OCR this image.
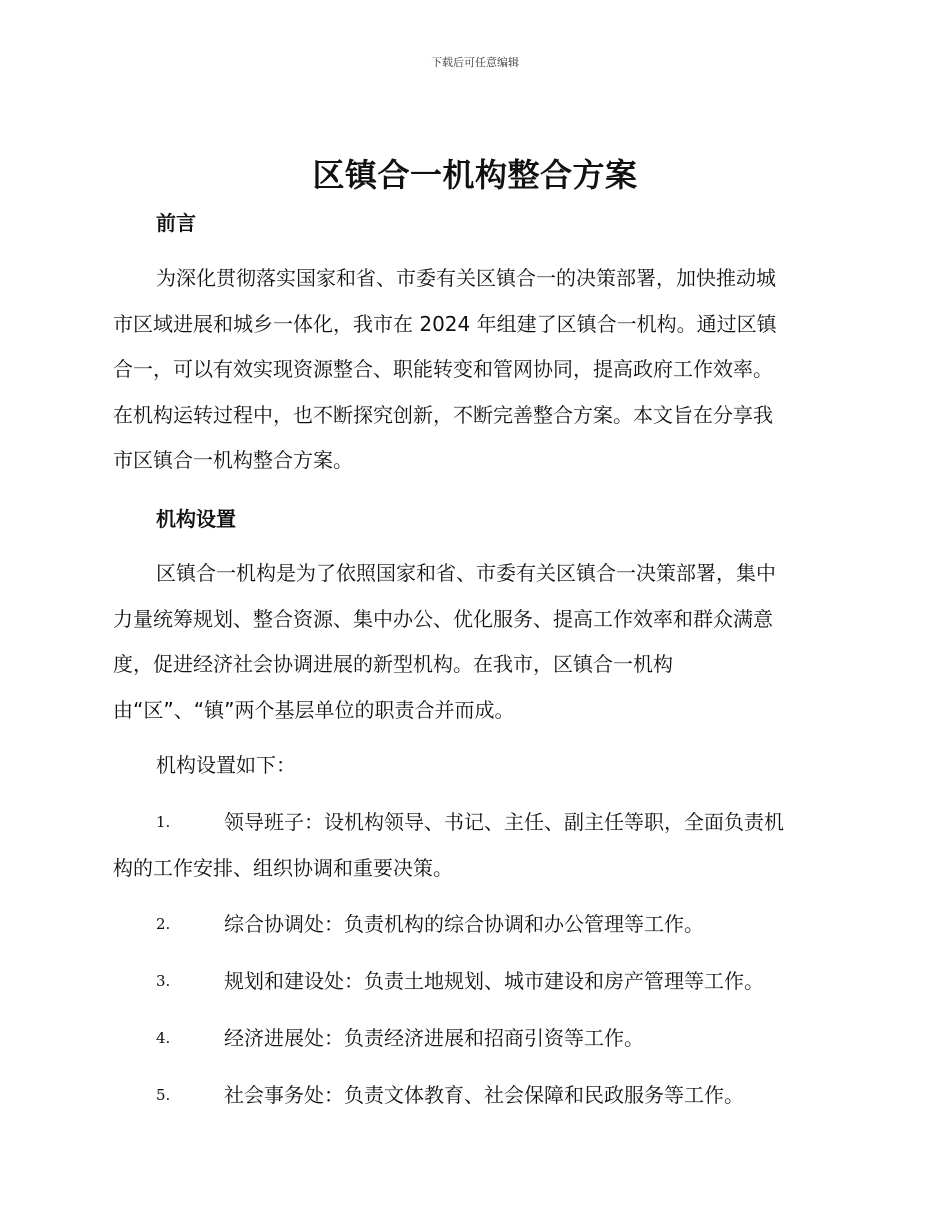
下载后可任意编辑
区镇合一机构整合方案
前言
为深化贯彻落实国家和省、市委有关区镇合一的决策部署，加快推动城
市区域进展和城乡一体化，我市在 2024 年组建了区镇合一机构。通过区镇
合一，可以有效实现资源整合、职能转变和管网协同，提高政府工作效率。
在机构运转过程中，也不断探究创新，不断完善整合方案。本文旨在分享我
市区镇合一机构整合方案。
机构设置
区镇合一机构是为了依照国家和省、市委有关区镇合一决策部署，集中
力量统筹规划、整合资源、集中办公、优化服务、提高工作效率和群众满意
度，促进经济社会协调进展的新型机构。在我市，区镇合一机构
由“区”、“镇”两个基层单位的职责合并而成。
机构设置如下：
1.	领导班子：设机构领导、书记、主任、副主任等职，全面负责机
构的工作安排、组织协调和重要决策。
2.	综合协调处：负责机构的综合协调和办公管理等工作。
3.	规划和建设处：负责土地规划、城市建设和房产管理等工作。
4.	经济进展处：负责经济进展和招商引资等工作。
5.	社会事务处：负责文体教育、社会保障和民政服务等工作。
